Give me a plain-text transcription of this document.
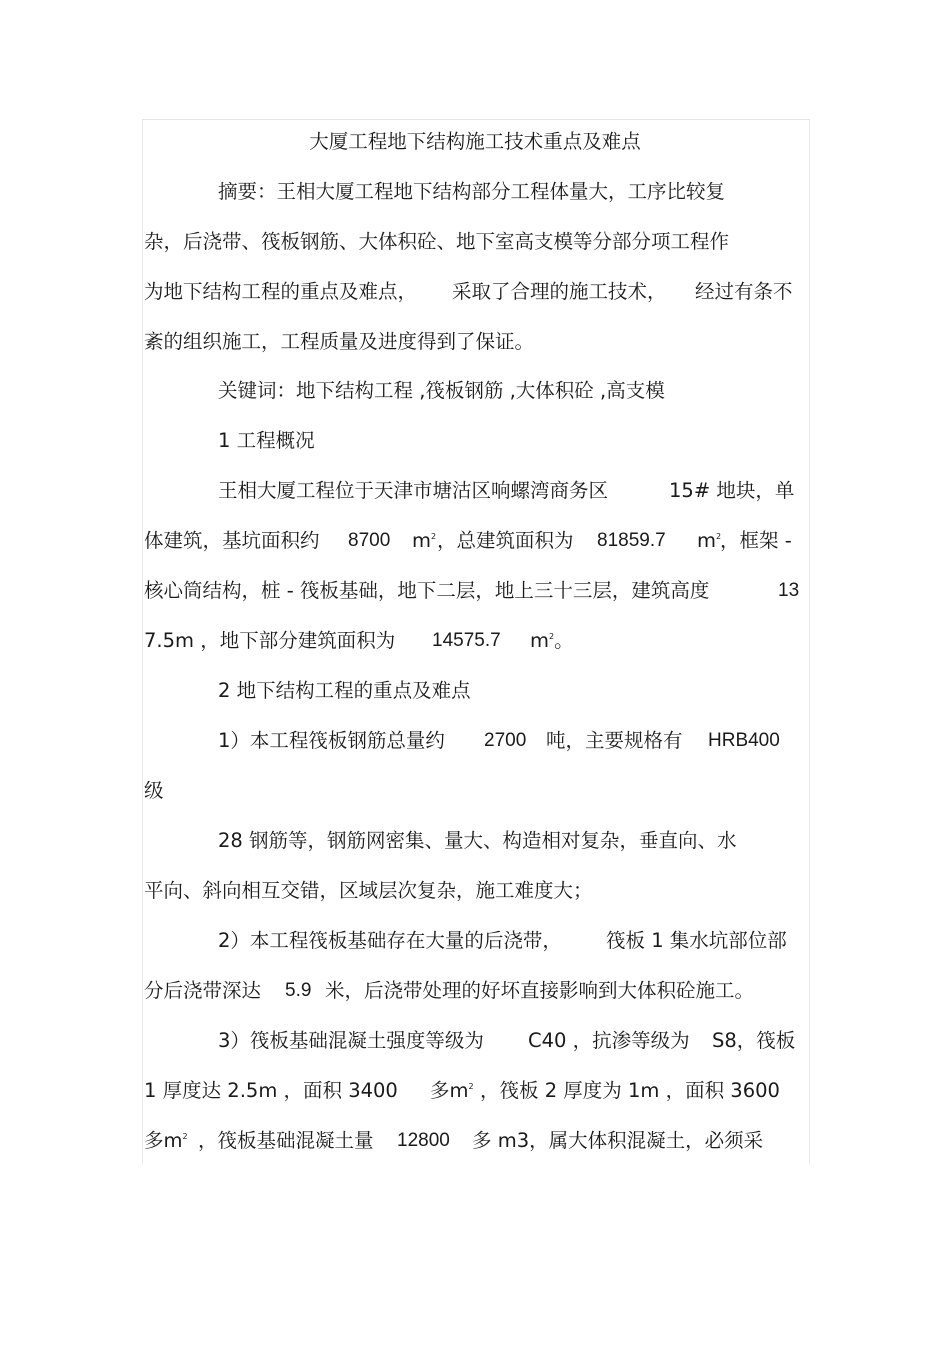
大厦工程地下结构施工技术重点及难点
摘要：王相大厦工程地下结构部分工程体量大，工序比较复
杂，后浇带、筏板钢筋、大体积砼、地下室高支模等分部分项工程作
为地下结构工程的重点及难点， 采取了合理的施工技术， 经过有条不
紊的组织施工，工程质量及进度得到了保证。
关键词：地下结构工程 ,筏板钢筋 ,大体积砼 ,高支模
1 工程概况
王相大厦工程位于天津市塘沽区响螺湾商务区	15# 地块，单
体建筑，基坑面积约 8700 $m^2$ ，总建筑面积为 81859.7 $m^2$
，框架 -
核心筒结构，桩 - 筏板基础，地下二层，地上三十三层，建筑高度	13
7.5m ，地下部分建筑面积为 14575.7 $m^2$。
2 地下结构工程的重点及难点
1）本工程筏板钢筋总量约 2700 吨，主要规格有 HRB400
级
28 钢筋等，钢筋网密集、量大、构造相对复杂，垂直向、水
平向、斜向相互交错，区域层次复杂，施工难度大；
2）本工程筏板基础存在大量的后浇带， 筏板 1 集水坑部位部
分后浇带深达 5.9 米，后浇带处理的好坏直接影响到大体积砼施工。
3）筏板基础混凝土强度等级为 C40 ，抗渗等级为 S8，筏板
1 厚度达 2.5m ，面积 3400 多$m^2$ ，筏板 2 厚度为 1m ，面积 3600
多$m^2$ ，筏板基础混凝土量 12800 多 m3，属大体积混凝土，必须采
